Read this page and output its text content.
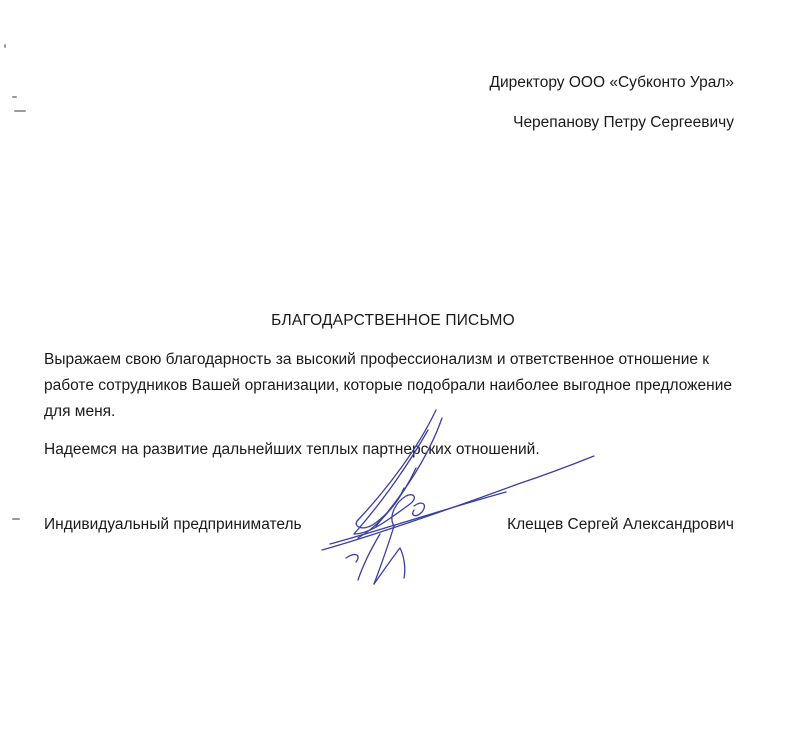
Директору ООО «Субконто Урал»
Черепанову Петру Сергеевичу
БЛАГОДАРСТВЕННОЕ ПИСЬМО
Выражаем свою благодарность за высокий профессионализм и ответственное отношение к работе сотрудников Вашей организации, которые подобрали наиболее выгодное предложение для меня.
Надеемся на развитие дальнейших теплых партнерских отношений.
Индивидуальный предприниматель	Клещев Сергей Александрович
